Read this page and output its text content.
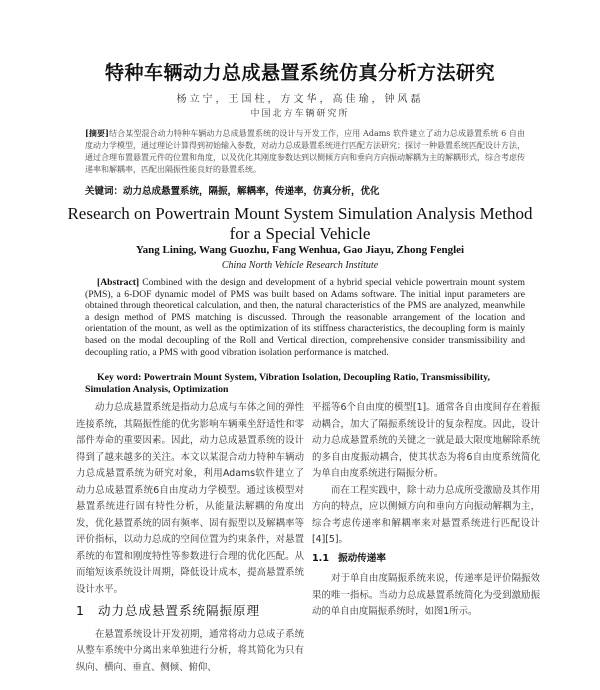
特种车辆动力总成悬置系统仿真分析方法研究
杨立宁，王国柱，方文华，高佳瑜，钟风磊
中国北方车辆研究所
[摘要]结合某型混合动力特种车辆动力总成悬置系统的设计与开发工作，应用 Adams 软件建立了动力总成悬置系统 6 自由度动力学模型，通过理论计算得到初始输入参数，对动力总成悬置系统进行匹配方法研究；探讨一种悬置系统匹配设计方法，通过合理布置悬置元件的位置和角度，以及优化其刚度参数达到以侧倾方向和垂向方向振动解耦为主的解耦形式，综合考虑传递率和解耦率，匹配出隔振性能良好的悬置系统。
关键词：动力总成悬置系统，隔振，解耦率，传递率，仿真分析，优化
Research on Powertrain Mount System Simulation Analysis Method for a Special Vehicle
Yang Lining, Wang Guozhu, Fang Wenhua, Gao Jiayu, Zhong Fenglei
China North Vehicle Research Institute
[Abstract] Combined with the design and development of a hybrid special vehicle powertrain mount system (PMS), a 6-DOF dynamic model of PMS was built based on Adams software. The initial input parameters are obtained through theoretical calculation, and then, the natural characteristics of the PMS are analyzed, meanwhile a design method of PMS matching is discussed. Through the reasonable arrangement of the location and orientation of the mount, as well as the optimization of its stiffness characteristics, the decoupling form is mainly based on the modal decoupling of the Roll and Vertical direction, comprehensive consider transmissibility and decoupling ratio, a PMS with good vibration isolation performance is matched.
Key word: Powertrain Mount System, Vibration Isolation, Decoupling Ratio, Transmissibility, Simulation Analysis, Optimization

动力总成悬置系统是指动力总成与车体之间的弹性连接系统，其隔振性能的优劣影响车辆乘坐舒适性和零部件寿命的重要因素。因此，动力总成悬置系统的设计得到了越来越多的关注。本文以某混合动力特种车辆动力总成悬置系统为研究对象，利用Adams软件建立了动力总成悬置系统6自由度动力学模型。通过该模型对悬置系统进行固有特性分析，从能量法解耦的角度出发，优化悬置系统的固有频率、固有振型以及解耦率等评价指标，以动力总成的空间位置为约束条件，对悬置系统的布置和刚度特性等参数进行合理的优化匹配。从而缩短该系统设计周期，降低设计成本，提高悬置系统设计水平。

1 动力总成悬置系统隔振原理

在悬置系统设计开发初期，通常将动力总成子系统从整车系统中分离出来单独进行分析，将其简化为只有纵向、横向、垂直、侧倾、俯仰、

平摇等6个自由度的模型[1]。通常各自由度间存在着振动耦合，加大了隔振系统设计的复杂程度。因此，设计动力总成悬置系统的关键之一就是最大限度地解除系统的多自由度振动耦合，使其状态为将6自由度系统简化为单自由度系统进行隔振分析。

而在工程实践中，除十动力总成所受激励及其作用方向的特点，应以侧倾方向和垂向方向振动解耦为主，综合考虑传递率和解耦率来对悬置系统进行匹配设计[4][5]。

1.1 振动传递率

对于单自由度隔振系统来说，传递率是评价隔振效果的唯一指标。当动力总成悬置系统简化为受到激励振动的单自由度隔振系统时，如图1所示。
